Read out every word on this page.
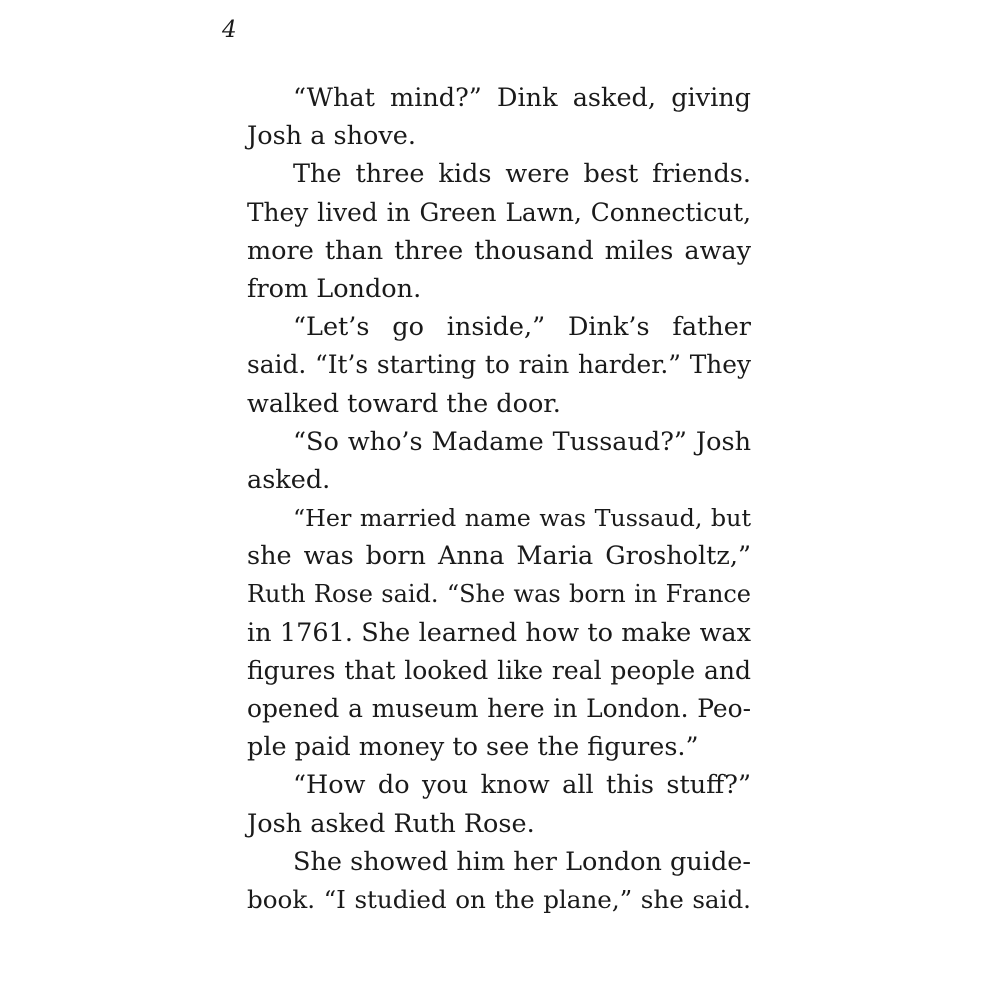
4
“What mind?” Dink asked, giving
Josh a shove.
The three kids were best friends.
They lived in Green Lawn, Connecticut,
more than three thousand miles away
from London.
“Let’s go inside,” Dink’s father
said. “It’s starting to rain harder.” They
walked toward the door.
“So who’s Madame Tussaud?” Josh
asked.
“Her married name was Tussaud, but
she was born Anna Maria Grosholtz,”
Ruth Rose said. “She was born in France
in 1761. She learned how to make wax
figures that looked like real people and
opened a museum here in London. Peo-
ple paid money to see the figures.”
“How do you know all this stuff?”
Josh asked Ruth Rose.
She showed him her London guide-
book. “I studied on the plane,” she said.
